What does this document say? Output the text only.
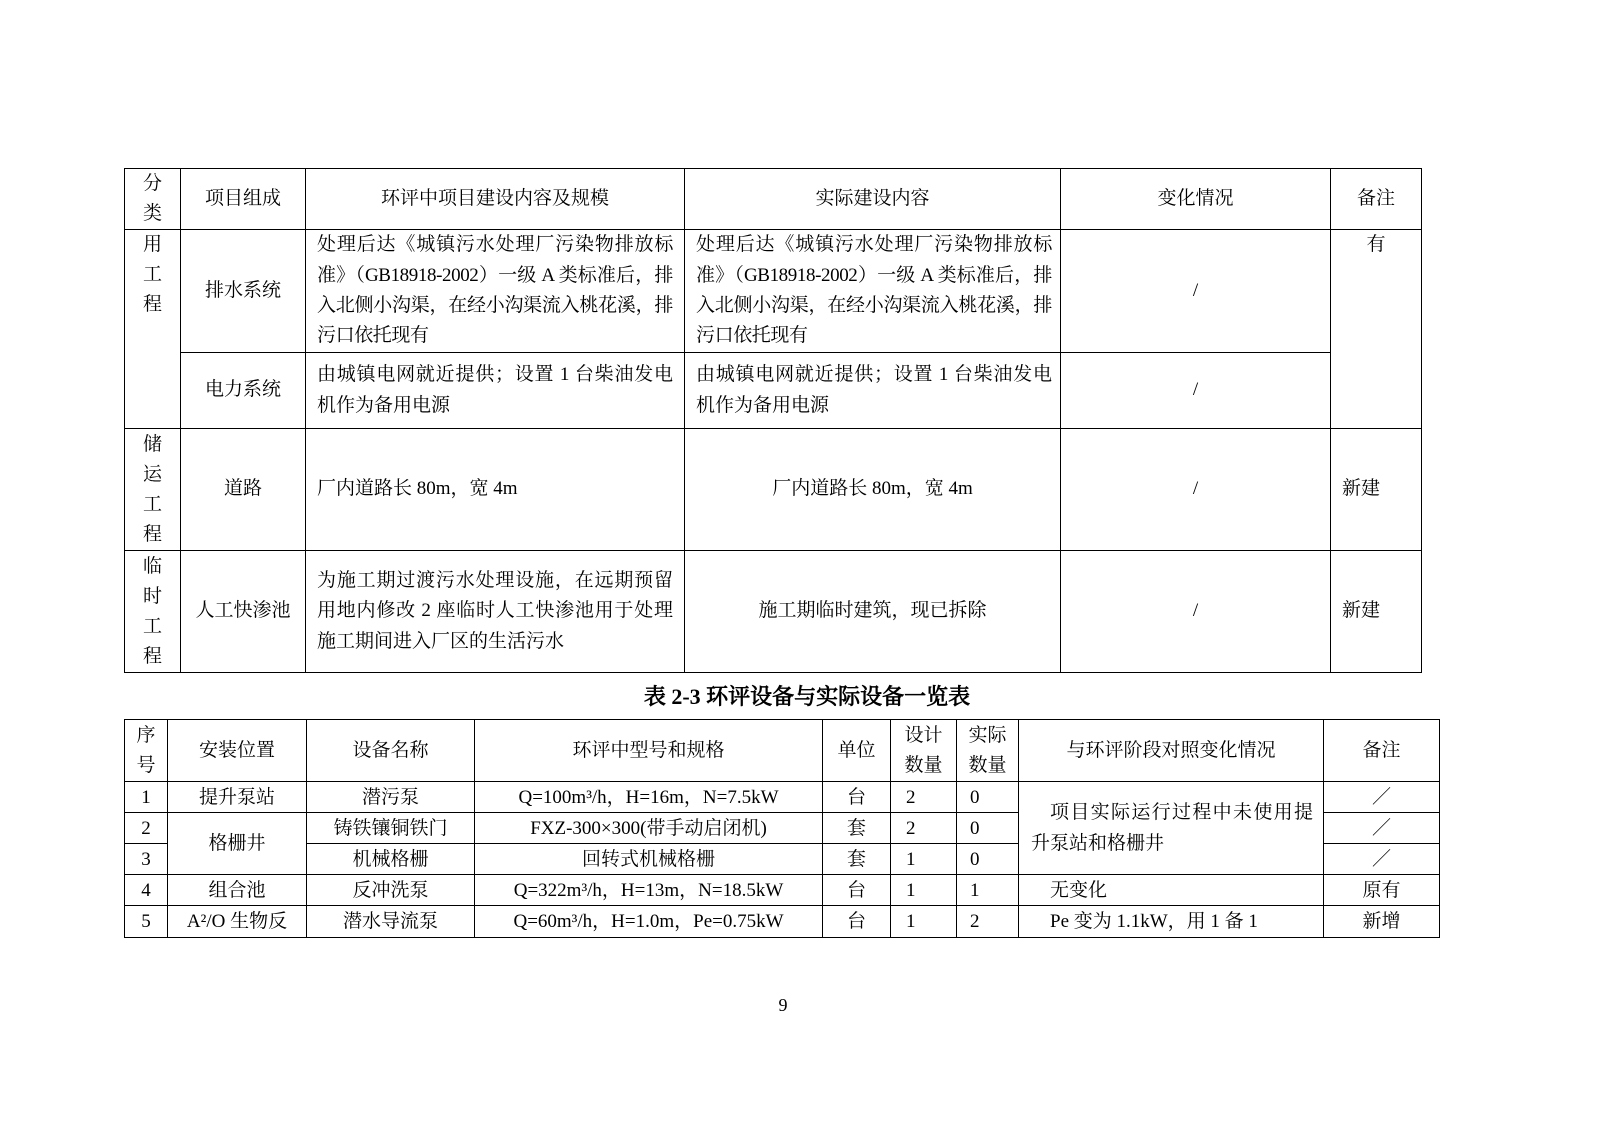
分类	项目组成	环评中项目建设内容及规模	实际建设内容	变化情况	备注

用工程	排水系统	处理后达《城镇污水处理厂污染物排放标准》（GB18918-2002）一级 A 类标准后，排入北侧小沟渠，在经小沟渠流入桃花溪，排污口依托现有	处理后达《城镇污水处理厂污染物排放标准》（GB18918-2002）一级 A 类标准后，排入北侧小沟渠，在经小沟渠流入桃花溪，排污口依托现有	/	有
	电力系统	由城镇电网就近提供；设置 1 台柴油发电机作为备用电源	由城镇电网就近提供；设置 1 台柴油发电机作为备用电源	/	

储运工程	道路	厂内道路长 80m，宽 4m	厂内道路长 80m，宽 4m	/	新建

临时工程	人工快渗池	为施工期过渡污水处理设施，在远期预留用地内修改 2 座临时人工快渗池用于处理施工期间进入厂区的生活污水	施工期临时建筑，现已拆除	/	新建
表 2-3 环评设备与实际设备一览表
序号	安装位置	设备名称	环评中型号和规格	单位	设计数量	实际数量	与环评阶段对照变化情况	备注
1	提升泵站	潜污泵	Q=100m³/h，H=16m，N=7.5kW	台	2	0	项目实际运行过程中未使用提升泵站和格栅井	／
2	格栅井	铸铁镶铜铁门	FXZ-300×300(带手动启闭机)	套	2	0		／
3		机械格栅	回转式机械格栅	套	1	0		／
4	组合池	反冲洗泵	Q=322m³/h，H=13m，N=18.5kW	台	1	1	无变化	原有
5	A²/O 生物反	潜水导流泵	Q=60m³/h，H=1.0m，Pe=0.75kW	台	1	2	Pe 变为 1.1kW，用 1 备 1	新增
9
